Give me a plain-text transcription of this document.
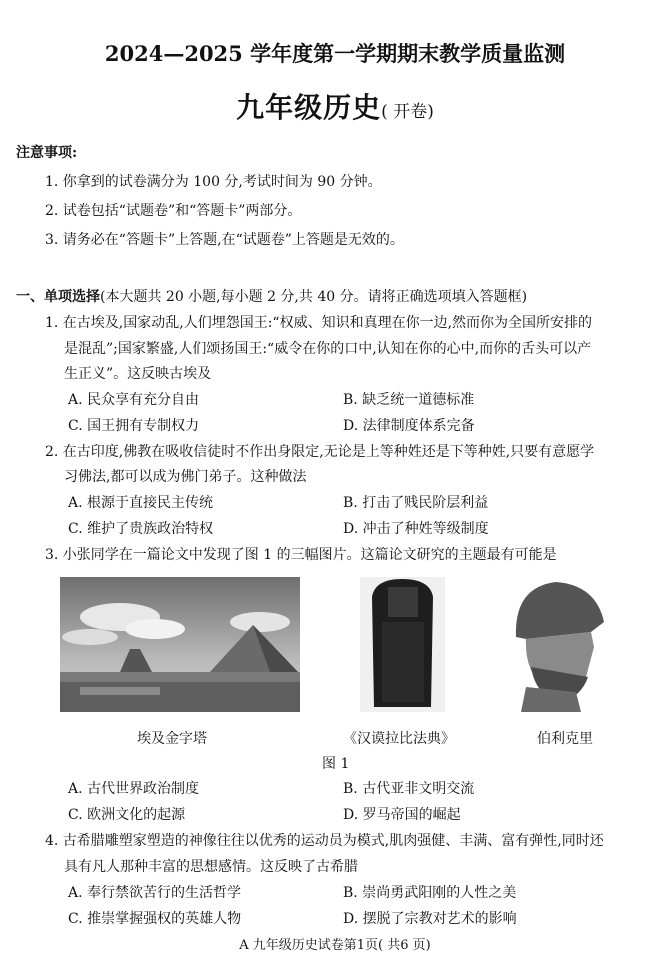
2024—2025 学年度第一学期期末教学质量监测
九年级历史( 开卷)
注意事项:
1. 你拿到的试卷满分为 100 分,考试时间为 90 分钟。
2. 试卷包括“试题卷”和“答题卡”两部分。
3. 请务必在“答题卡”上答题,在“试题卷”上答题是无效的。
一、单项选择(本大题共 20 小题,每小题 2 分,共 40 分。请将正确选项填入答题框)
1. 在古埃及,国家动乱,人们埋怨国王:“权威、知识和真理在你一边,然而你为全国所安排的
是混乱”;国家繁盛,人们颂扬国王:“威令在你的口中,认知在你的心中,而你的舌头可以产
生正义”。这反映古埃及
A. 民众享有充分自由	B. 缺乏统一道德标准
C. 国王拥有专制权力	D. 法律制度体系完备
2. 在古印度,佛教在吸收信徒时不作出身限定,无论是上等种姓还是下等种姓,只要有意愿学
习佛法,都可以成为佛门弟子。这种做法
A. 根源于直接民主传统	B. 打击了贱民阶层利益
C. 维护了贵族政治特权	D. 冲击了种姓等级制度
3. 小张同学在一篇论文中发现了图 1 的三幅图片。这篇论文研究的主题最有可能是
埃及金字塔	《汉谟拉比法典》	伯利克里
图 1
A. 古代世界政治制度	B. 古代亚非文明交流
C. 欧洲文化的起源	D. 罗马帝国的崛起
4. 古希腊雕塑家塑造的神像往往以优秀的运动员为模式,肌肉强健、丰满、富有弹性,同时还
具有凡人那种丰富的思想感情。这反映了古希腊
A. 奉行禁欲苦行的生活哲学	B. 崇尚勇武阳刚的人性之美
C. 推崇掌握强权的英雄人物	D. 摆脱了宗教对艺术的影响
A 九年级历史试卷第1页( 共6 页)
